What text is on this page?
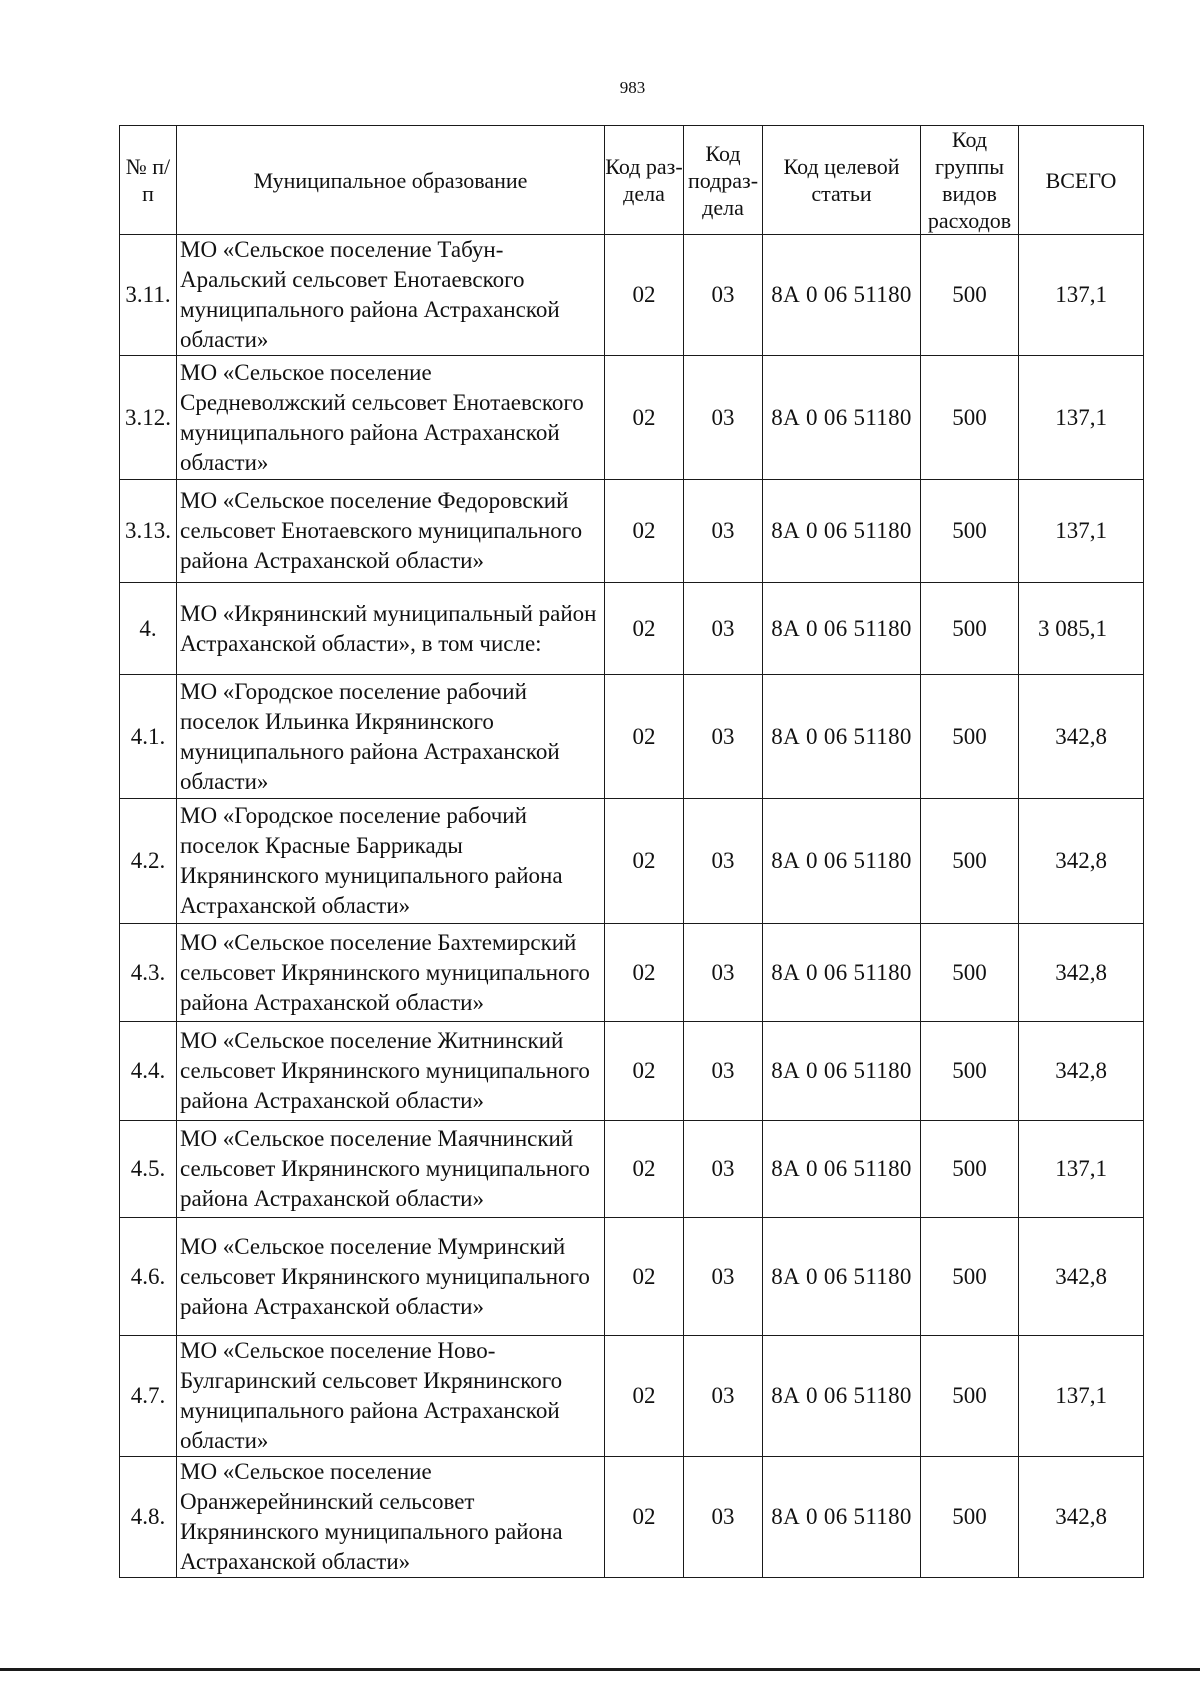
983
№ п/п	Муниципальное образование	Код раз-дела	Код подраз-дела	Код целевой статьи	Код группы видов расходов	ВСЕГО
3.11.	МО «Сельское поселение Табун-Аральский сельсовет Енотаевского муниципального района Астраханской области»	02	03	8А 0 06 51180	500	137,1
3.12.	МО «Сельское поселение Средневолжский сельсовет Енотаевского муниципального района Астраханской области»	02	03	8А 0 06 51180	500	137,1
3.13.	МО «Сельское поселение Федоровский сельсовет Енотаевского муниципального района Астраханской области»	02	03	8А 0 06 51180	500	137,1
4.	МО «Икрянинский муниципальный район Астраханской области», в том числе:	02	03	8А 0 06 51180	500	3 085,1
4.1.	МО «Городское поселение рабочий поселок Ильинка Икрянинского муниципального района Астраханской области»	02	03	8А 0 06 51180	500	342,8
4.2.	МО «Городское поселение рабочий поселок Красные Баррикады Икрянинского муниципального района Астраханской области»	02	03	8А 0 06 51180	500	342,8
4.3.	МО «Сельское поселение Бахтемирский сельсовет Икрянинского муниципального района Астраханской области»	02	03	8А 0 06 51180	500	342,8
4.4.	МО «Сельское поселение Житнинский сельсовет Икрянинского муниципального района Астраханской области»	02	03	8А 0 06 51180	500	342,8
4.5.	МО «Сельское поселение Маячнинский сельсовет Икрянинского муниципального района Астраханской области»	02	03	8А 0 06 51180	500	137,1
4.6.	МО «Сельское поселение Мумринский сельсовет Икрянинского муниципального района Астраханской области»	02	03	8А 0 06 51180	500	342,8
4.7.	МО «Сельское поселение Ново-Булгаринский сельсовет Икрянинского муниципального района Астраханской области»	02	03	8А 0 06 51180	500	137,1
4.8.	МО «Сельское поселение Оранжерейнинский сельсовет Икрянинского муниципального района Астраханской области»	02	03	8А 0 06 51180	500	342,8
